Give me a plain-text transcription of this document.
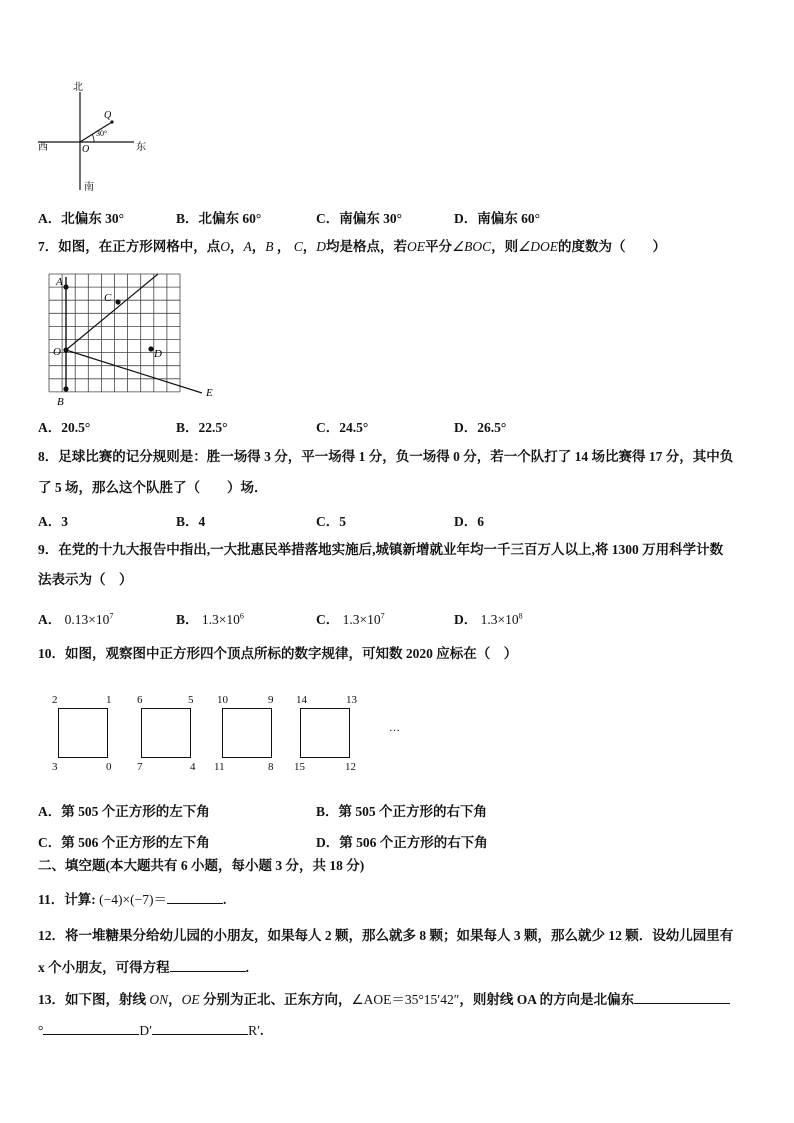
北
南
西	东
O
Q
30°
A．北偏东 30°	B．北偏东 60°	C．南偏东 30°	D．南偏东 60°
7．如图，在正方形网格中，点O，A，B ， C，D均是格点，若OE平分∠BOC，则∠DOE的度数为（　　）
A
C
O	D
B
E
A．20.5°	B．22.5°	C．24.5°	D．26.5°
8．足球比赛的记分规则是：胜一场得 3 分，平一场得 1 分，负一场得 0 分，若一个队打了 14 场比赛得 17 分，其中负
了 5 场，那么这个队胜了（　　）场．
A．3	B．4	C．5	D．6
9．在党的十九大报告中指出,一大批惠民举措落地实施后,城镇新增就业年均一千三百万人以上,将 1300 万用科学计数
法表示为（　）
A． $0.13\times 10^7$	B． $1.3\times 10^6$	C． $1.3\times 10^7$	D． $1.3\times 10^8$
10．如图，观察图中正方形四个顶点所标的数字规律，可知数 2020 应标在（　）
2	1
3	0
6	5
7	4
10	9
11	8
14	13
15	12
…
A．第 505 个正方形的左下角	B．第 505 个正方形的右下角
C．第 506 个正方形的左下角	D．第 506 个正方形的右下角
二、填空题(本大题共有 6 小题，每小题 3 分，共 18 分)
11．计算: (−4)×(−7)＝	.
12．将一堆糖果分给幼儿园的小朋友，如果每人 2 颗，那么就多 8 颗；如果每人 3 颗，那么就少 12 颗．设幼儿园里有
x 个小朋友，可得方程	.
13．如下图，射线 ON，OE 分别为正北、正东方向，∠AOE＝35°15′42″，则射线 OA 的方向是北偏东
°	D′	R′.
